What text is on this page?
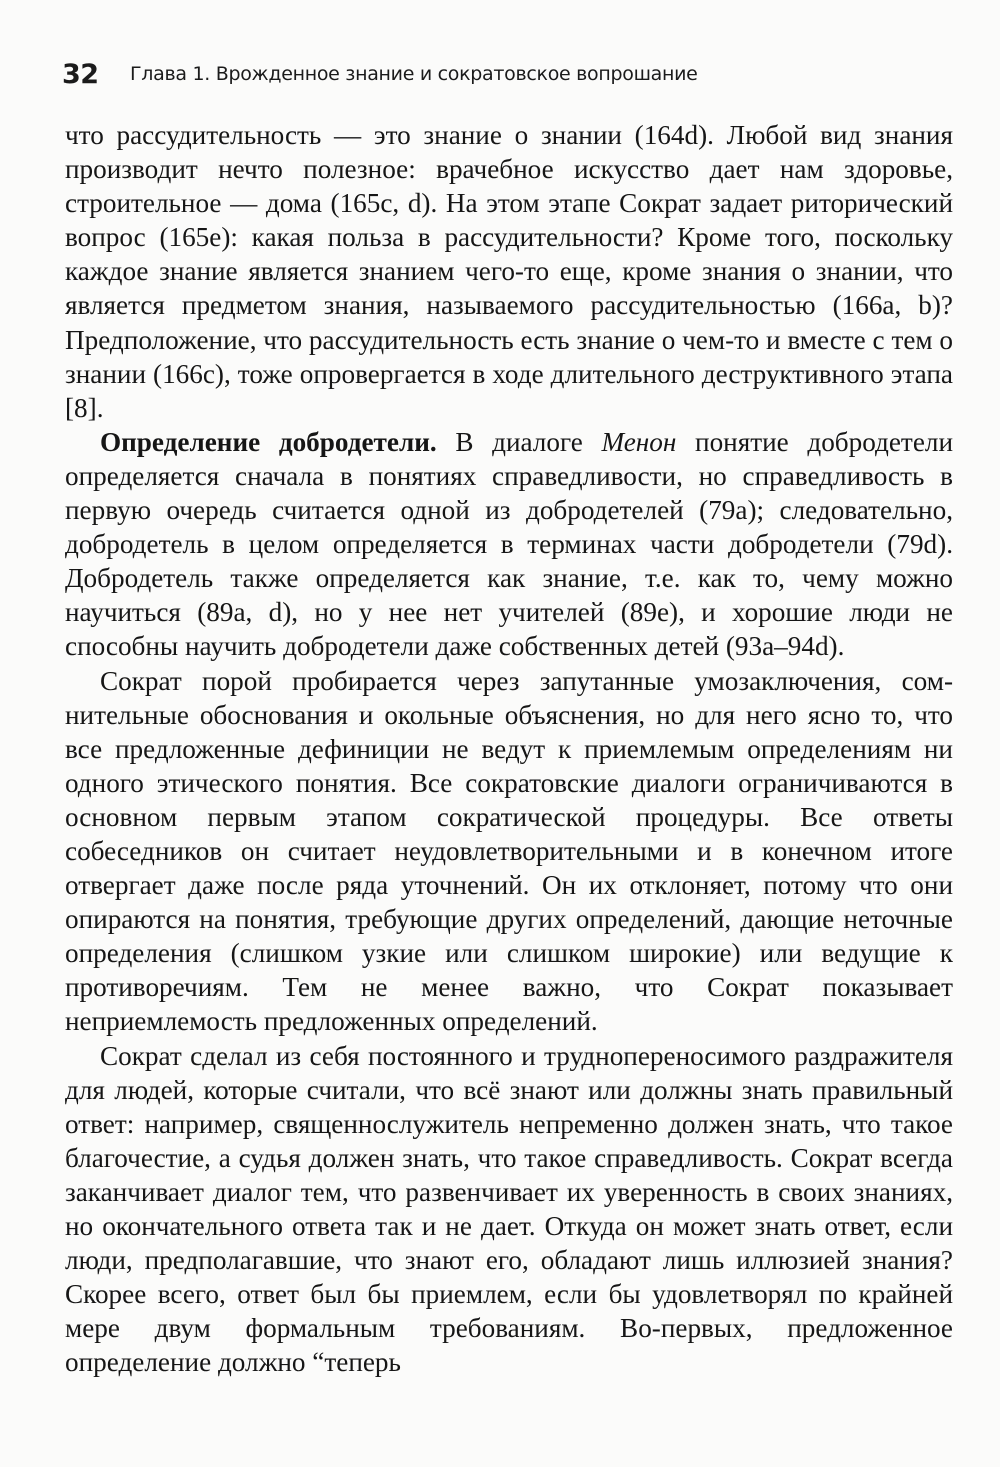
32 Глава 1. Врожденное знание и сократовское вопрошание

что рассудительность — это знание о знании (164d). Любой вид знания производит нечто полезное: врачебное искусство дает нам здоровье, строительное — дома (165c, d). На этом этапе Сократ задает риторический вопрос (165e): какая польза в рассудительности? Кроме того, поскольку каждое знание является знанием чего-то еще, кроме знания о знании, что является предметом знания, называемого рассудительностью (166a, b)? Предположение, что рассудительность есть знание о чем-то и вместе с тем о знании (166c), тоже опровергается в ходе длительного деструктивного этапа [8].

Определение добродетели. В диалоге Менон понятие добродетели определяется сначала в понятиях справедливости, но справедливость в первую очередь считается одной из добродетелей (79a); следовательно, добродетель в целом определяется в терминах части добродетели (79d). Добродетель также определяется как знание, т.е. как то, чему можно научиться (89a, d), но у нее нет учителей (89e), и хорошие люди не способны научить добродетели даже собственных детей (93a–94d).

Сократ порой пробирается через запутанные умозаключения, сомнительные обоснования и окольные объяснения, но для него ясно то, что все предложенные дефиниции не ведут к приемлемым определениям ни одного этического понятия. Все сократовские диалоги ограничиваются в основном первым этапом сократической процедуры. Все ответы собеседников он считает неудовлетворительными и в конечном итоге отвергает даже после ряда уточнений. Он их отклоняет, потому что они опираются на понятия, требующие других определений, дающие неточные определения (слишком узкие или слишком широкие) или ведущие к противоречиям. Тем не менее важно, что Сократ показывает неприемлемость предложенных определений.

Сократ сделал из себя постоянного и труднопереносимого раздражителя для людей, которые считали, что всё знают или должны знать правильный ответ: например, священнослужитель непременно должен знать, что такое благочестие, а судья должен знать, что такое справедливость. Сократ всегда заканчивает диалог тем, что развенчивает их уверенность в своих знаниях, но окончательного ответа так и не дает. Откуда он может знать ответ, если люди, предполагавшие, что знают его, обладают лишь иллюзией знания? Скорее всего, ответ был бы приемлем, если бы удовлетворял по крайней мере двум формальным требованиям. Во-первых, предложенное определение должно “теперь
